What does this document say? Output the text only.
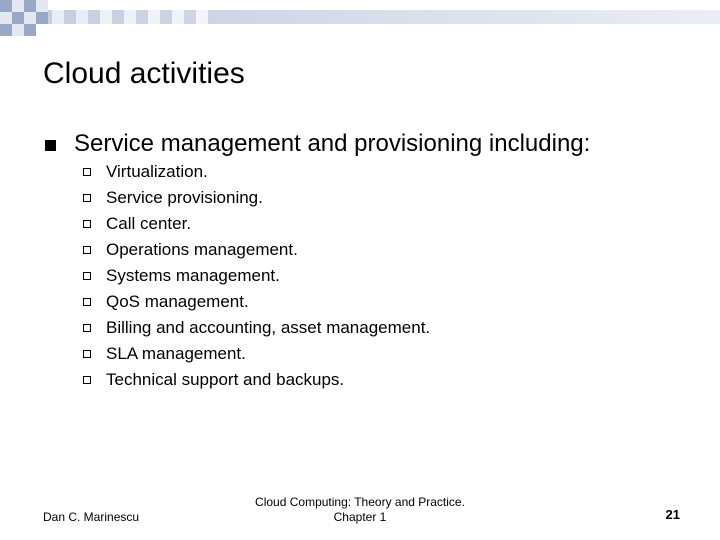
Cloud activities
Service management and provisioning including:
Virtualization.
Service provisioning.
Call center.
Operations management.
Systems management.
QoS management.
Billing and accounting, asset management.
SLA management.
Technical support and backups.
Dan C. Marinescu
Cloud Computing: Theory and Practice.
Chapter 1	21
